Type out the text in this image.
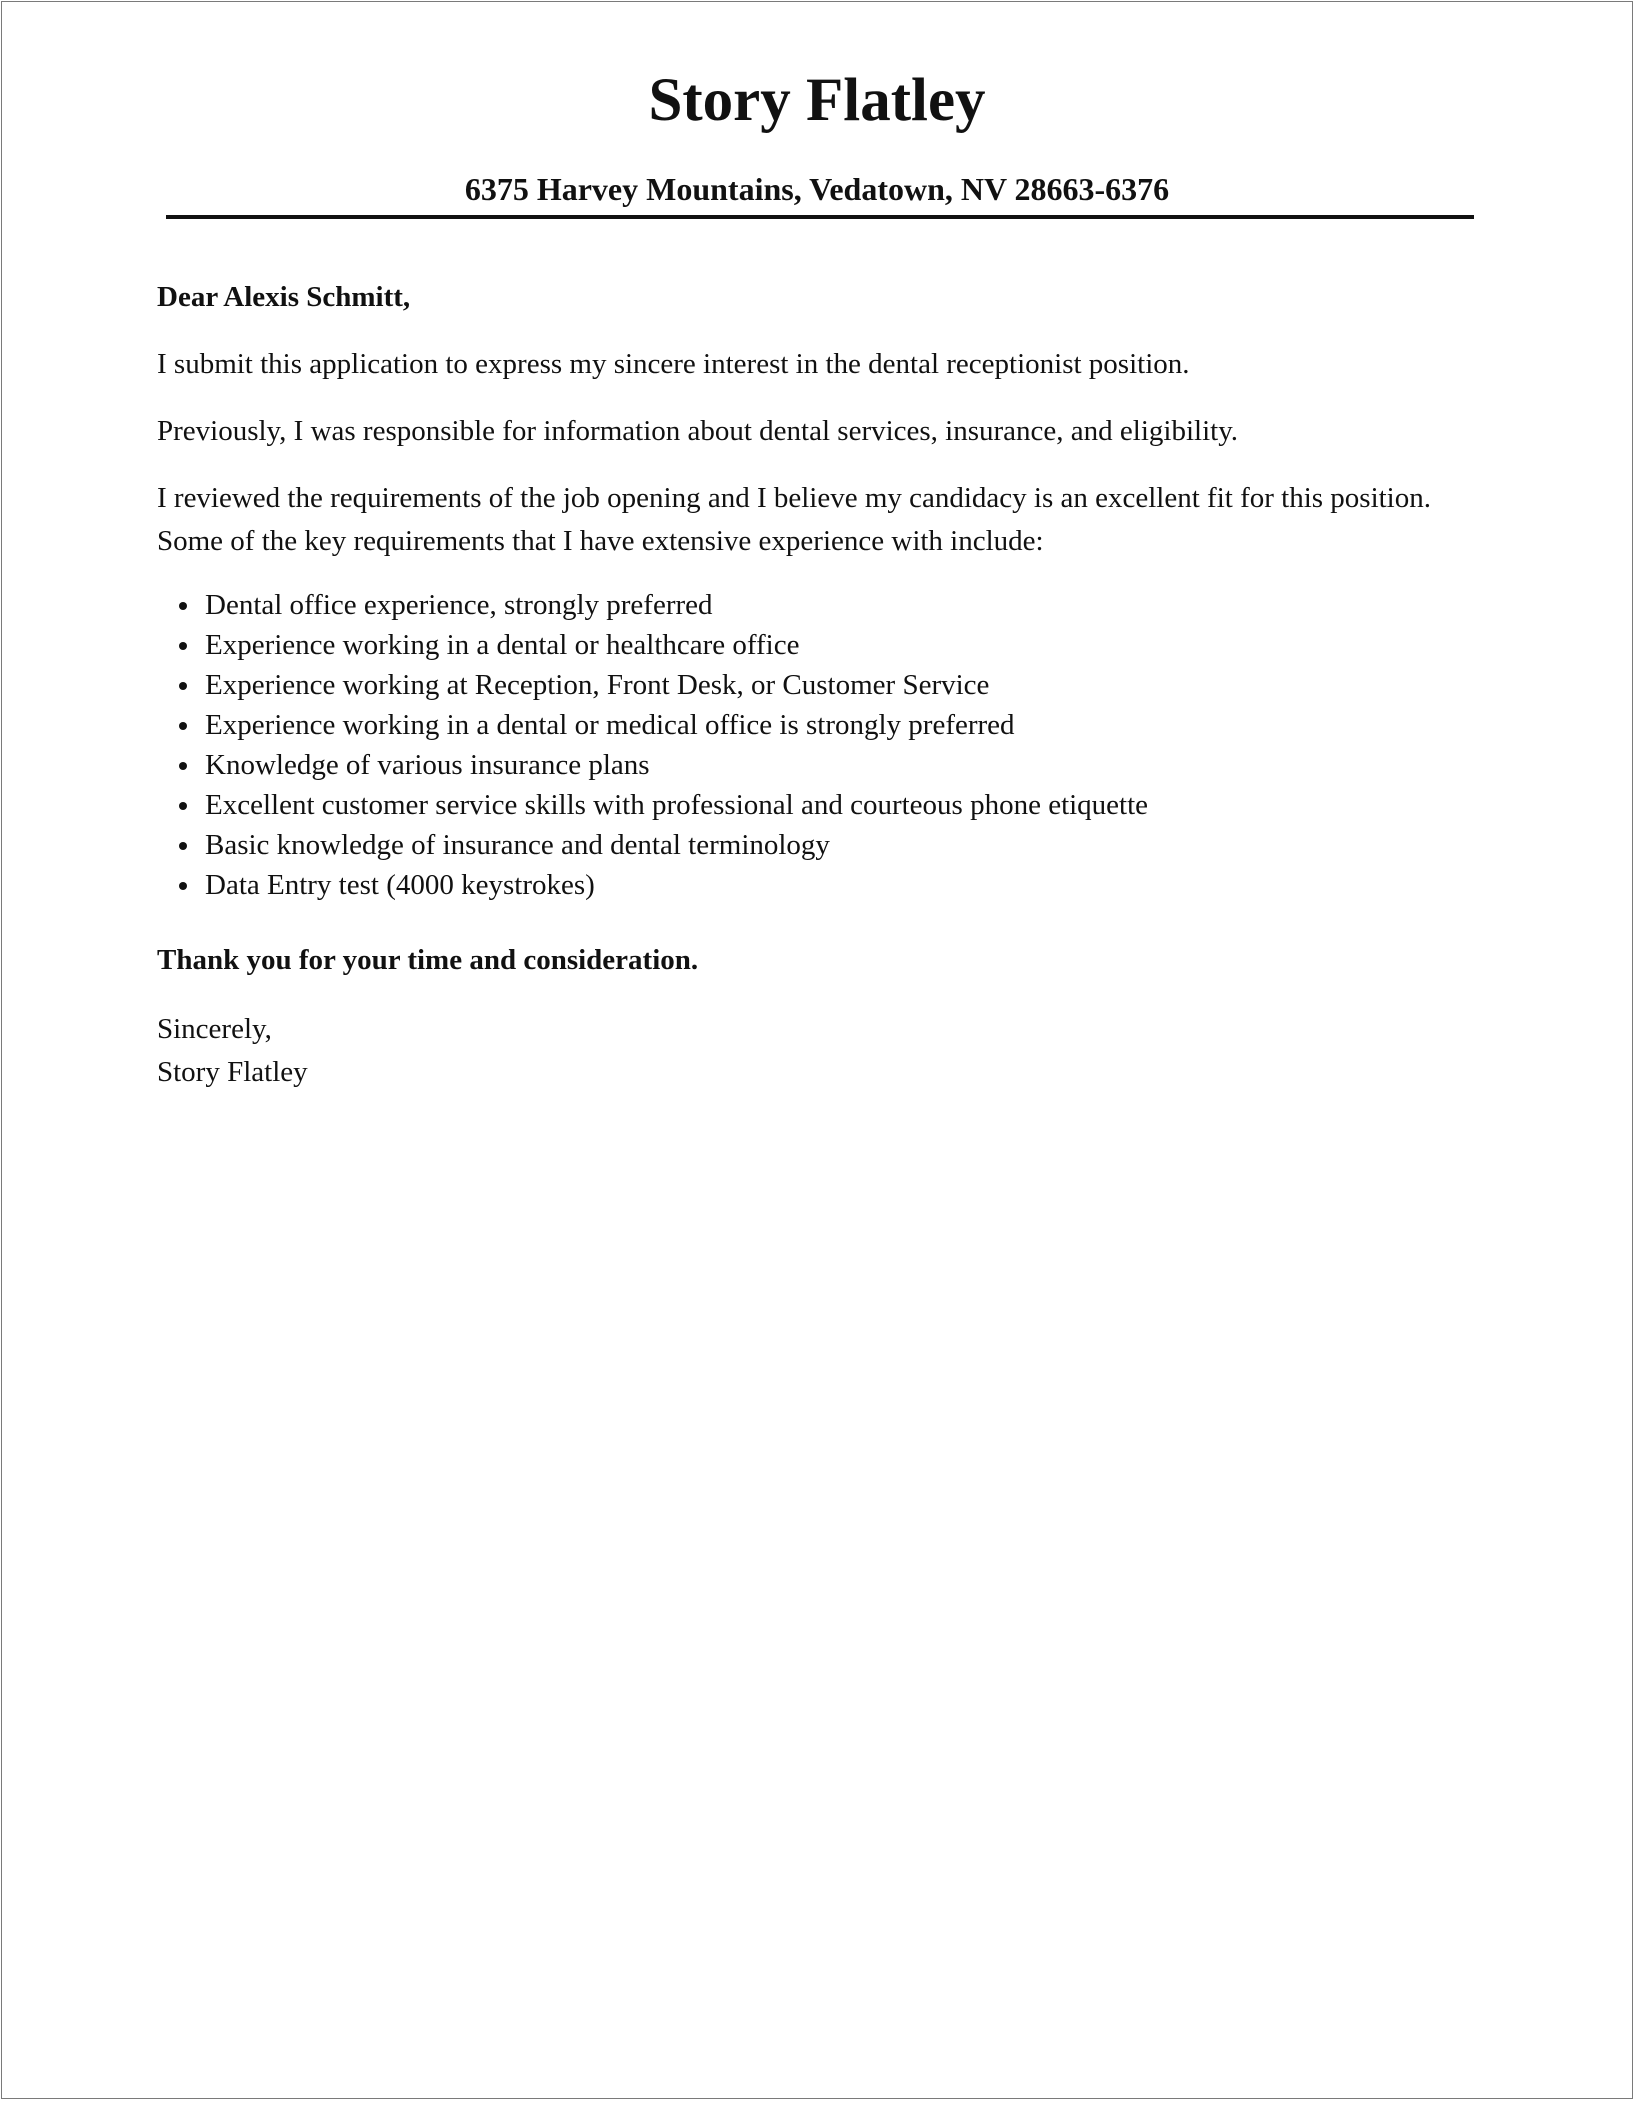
Story Flatley
6375 Harvey Mountains, Vedatown, NV 28663-6376

Dear Alexis Schmitt,

I submit this application to express my sincere interest in the dental receptionist position.

Previously, I was responsible for information about dental services, insurance, and eligibility.

I reviewed the requirements of the job opening and I believe my candidacy is an excellent fit for this position. Some of the key requirements that I have extensive experience with include:

Dental office experience, strongly preferred
Experience working in a dental or healthcare office
Experience working at Reception, Front Desk, or Customer Service
Experience working in a dental or medical office is strongly preferred
Knowledge of various insurance plans
Excellent customer service skills with professional and courteous phone etiquette
Basic knowledge of insurance and dental terminology
Data Entry test (4000 keystrokes)

Thank you for your time and consideration.

Sincerely,

Story Flatley
